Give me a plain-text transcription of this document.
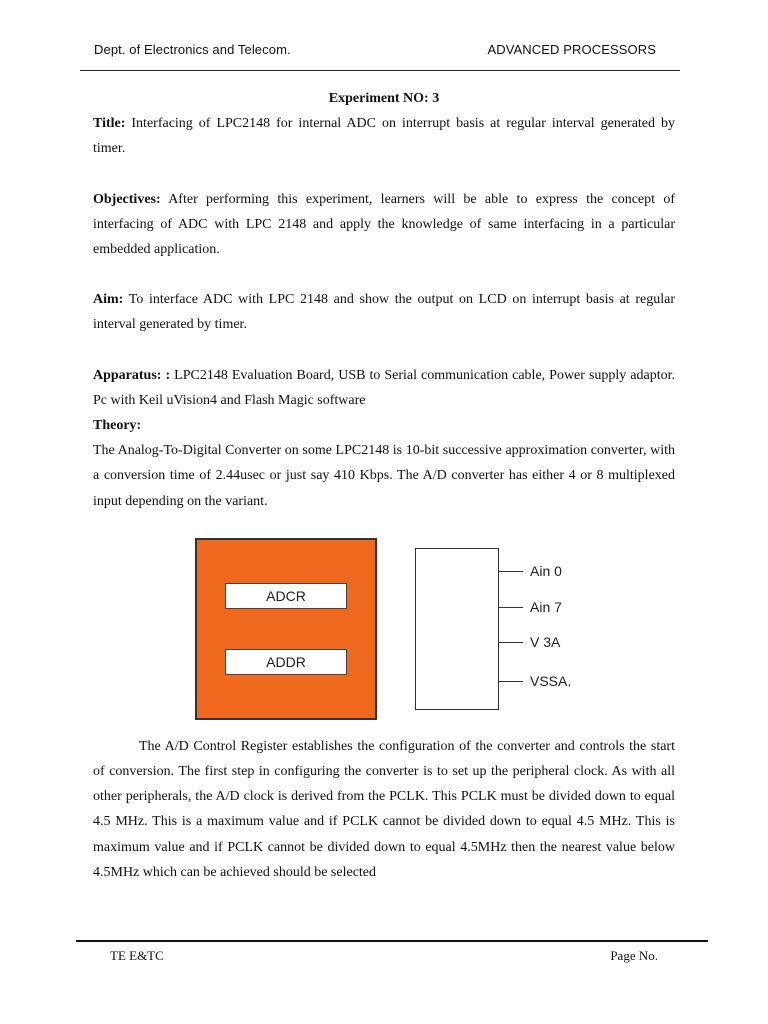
Dept. of Electronics and Telecom.	ADVANCED PROCESSORS

Experiment NO: 3

Title: Interfacing of LPC2148 for internal ADC on interrupt basis at regular interval generated by timer.

Objectives: After performing this experiment, learners will be able to express the concept of interfacing of ADC with LPC 2148 and apply the knowledge of same interfacing in a particular embedded application.

Aim: To interface ADC with LPC 2148 and show the output on LCD on interrupt basis at regular interval generated by timer.

Apparatus: : LPC2148 Evaluation Board, USB to Serial communication cable, Power supply adaptor. Pc with Keil uVision4 and Flash Magic software

Theory:

The Analog-To-Digital Converter on some LPC2148 is 10-bit successive approximation converter, with a conversion time of 2.44usec or just say 410 Kbps. The A/D converter has either 4 or 8 multiplexed input depending on the variant.

ADCR
ADDR
Ain 0
Ain 7
V 3A
VSSA.

The A/D Control Register establishes the configuration of the converter and controls the start of conversion. The first step in configuring the converter is to set up the peripheral clock. As with all other peripherals, the A/D clock is derived from the PCLK. This PCLK must be divided down to equal 4.5 MHz. This is a maximum value and if PCLK cannot be divided down to equal 4.5 MHz. This is maximum value and if PCLK cannot be divided down to equal 4.5MHz then the nearest value below 4.5MHz which can be achieved should be selected

TE E&TC	Page No.
